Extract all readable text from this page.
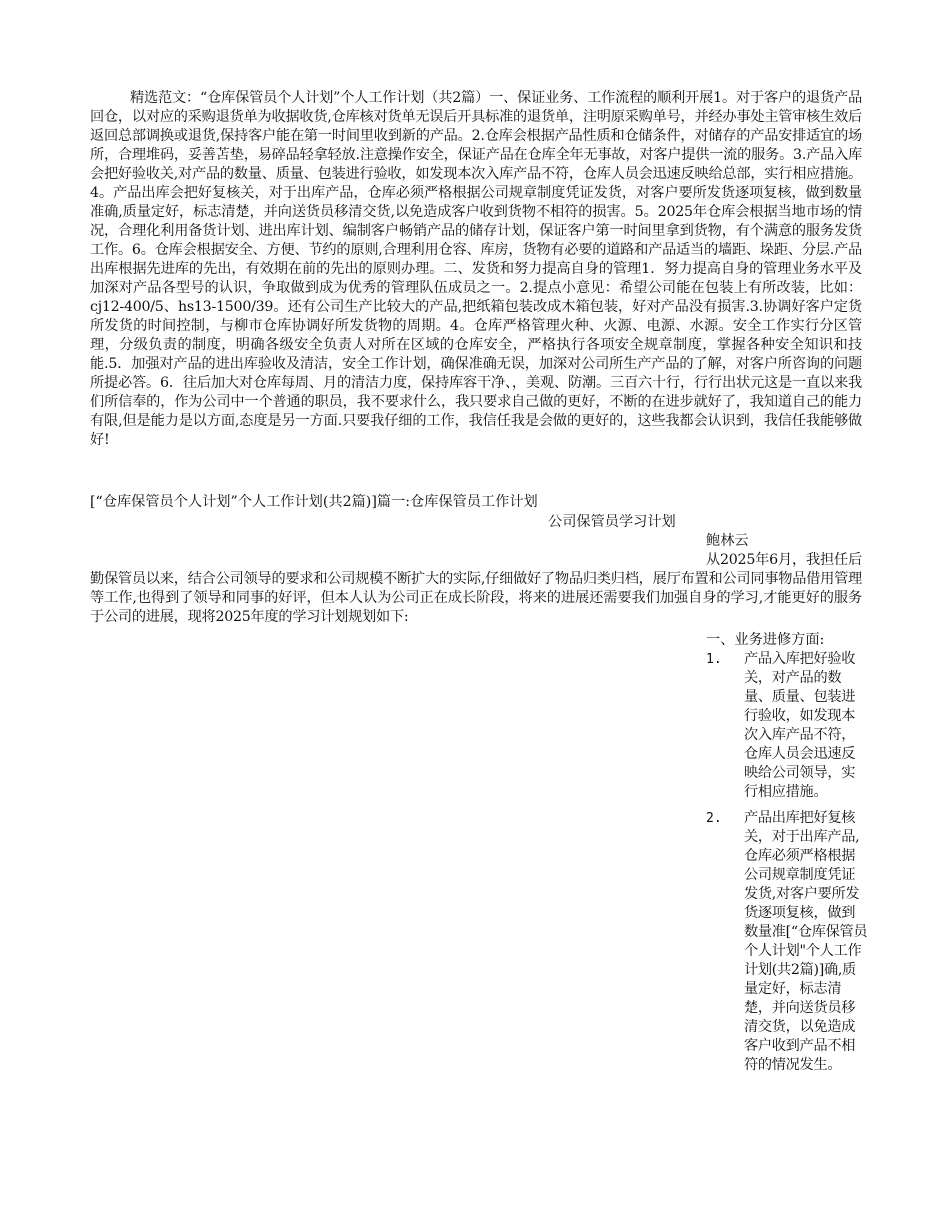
精选范文：“仓库保管员个人计划”个人工作计划（共2篇）一、保证业务、工作流程的顺利开展1。对于客户的退货产品回仓，以对应的采购退货单为收据收货,仓库核对货单无误后开具标准的退货单，注明原采购单号，并经办事处主管审核生效后返回总部调换或退货,保持客户能在第一时间里收到新的产品。2.仓库会根据产品性质和仓储条件，对储存的产品安排适宜的场所，合理堆码，妥善苫垫，易碎品轻拿轻放.注意操作安全，保证产品在仓库全年无事故，对客户提供一流的服务。3.产品入库会把好验收关,对产品的数量、质量、包装进行验收，如发现本次入库产品不符，仓库人员会迅速反映给总部，实行相应措施。4。产品出库会把好复核关，对于出库产品，仓库必须严格根据公司规章制度凭证发货，对客户要所发货逐项复核，做到数量准确,质量定好，标志清楚，并向送货员移清交货,以免造成客户收到货物不相符的损害。5。2025年仓库会根据当地市场的情况，合理化利用备货计划、进出库计划、编制客户畅销产品的储存计划，保证客户第一时间里拿到货物，有个满意的服务发货工作。6。仓库会根据安全、方便、节约的原则,合理利用仓容、库房，货物有必要的道路和产品适当的墙距、垛距、分层.产品出库根据先进库的先出，有效期在前的先出的原则办理。二、发货和努力提高自身的管理1．努力提高自身的管理业务水平及加深对产品各型号的认识，争取做到成为优秀的管理队伍成员之一。2.提点小意见：希望公司能在包装上有所改装，比如：cj12-400/5、hs13-1500/39。还有公司生产比较大的产品,把纸箱包装改成木箱包装，好对产品没有损害.3.协调好客户定货所发货的时间控制，与柳市仓库协调好所发货物的周期。4。仓库严格管理火种、火源、电源、水源。安全工作实行分区管理，分级负责的制度，明确各级安全负责人对所在区域的仓库安全，严格执行各项安全规章制度，掌握各种安全知识和技能.5．加强对产品的进出库验收及清洁，安全工作计划，确保准确无误，加深对公司所生产产品的了解，对客户所咨询的问题所提必答。6．往后加大对仓库每周、月的清洁力度，保持库容干净、，美观、防潮。三百六十行，行行出状元这是一直以来我们所信奉的，作为公司中一个普通的职员，我不要求什么，我只要求自己做的更好，不断的在进步就好了，我知道自己的能力有限,但是能力是以方面,态度是另一方面.只要我仔细的工作，我信任我是会做的更好的，这些我都会认识到，我信任我能够做好!

[“仓库保管员个人计划”个人工作计划(共2篇)]篇一:仓库保管员工作计划

公司保管员学习计划

鲍林云

从2025年6月，我担任后勤保管员以来，结合公司领导的要求和公司规模不断扩大的实际,仔细做好了物品归类归档，展厅布置和公司同事物品借用管理等工作,也得到了领导和同事的好评，但本人认为公司正在成长阶段，将来的进展还需要我们加强自身的学习,才能更好的服务于公司的进展，现将2025年度的学习计划规划如下:

一、业务进修方面:

1. 产品入库把好验收关，对产品的数量、质量、包装进行验收，如发现本次入库产品不符，仓库人员会迅速反映给公司领导，实行相应措施。
2. 产品出库把好复核关，对于出库产品,仓库必须严格根据公司规章制度凭证发货,对客户要所发货逐项复核，做到数量准[“仓库保管员个人计划"个人工作计划(共2篇)]确,质量定好，标志清楚，并向送货员移清交货，以免造成客户收到产品不相符的情况发生。
